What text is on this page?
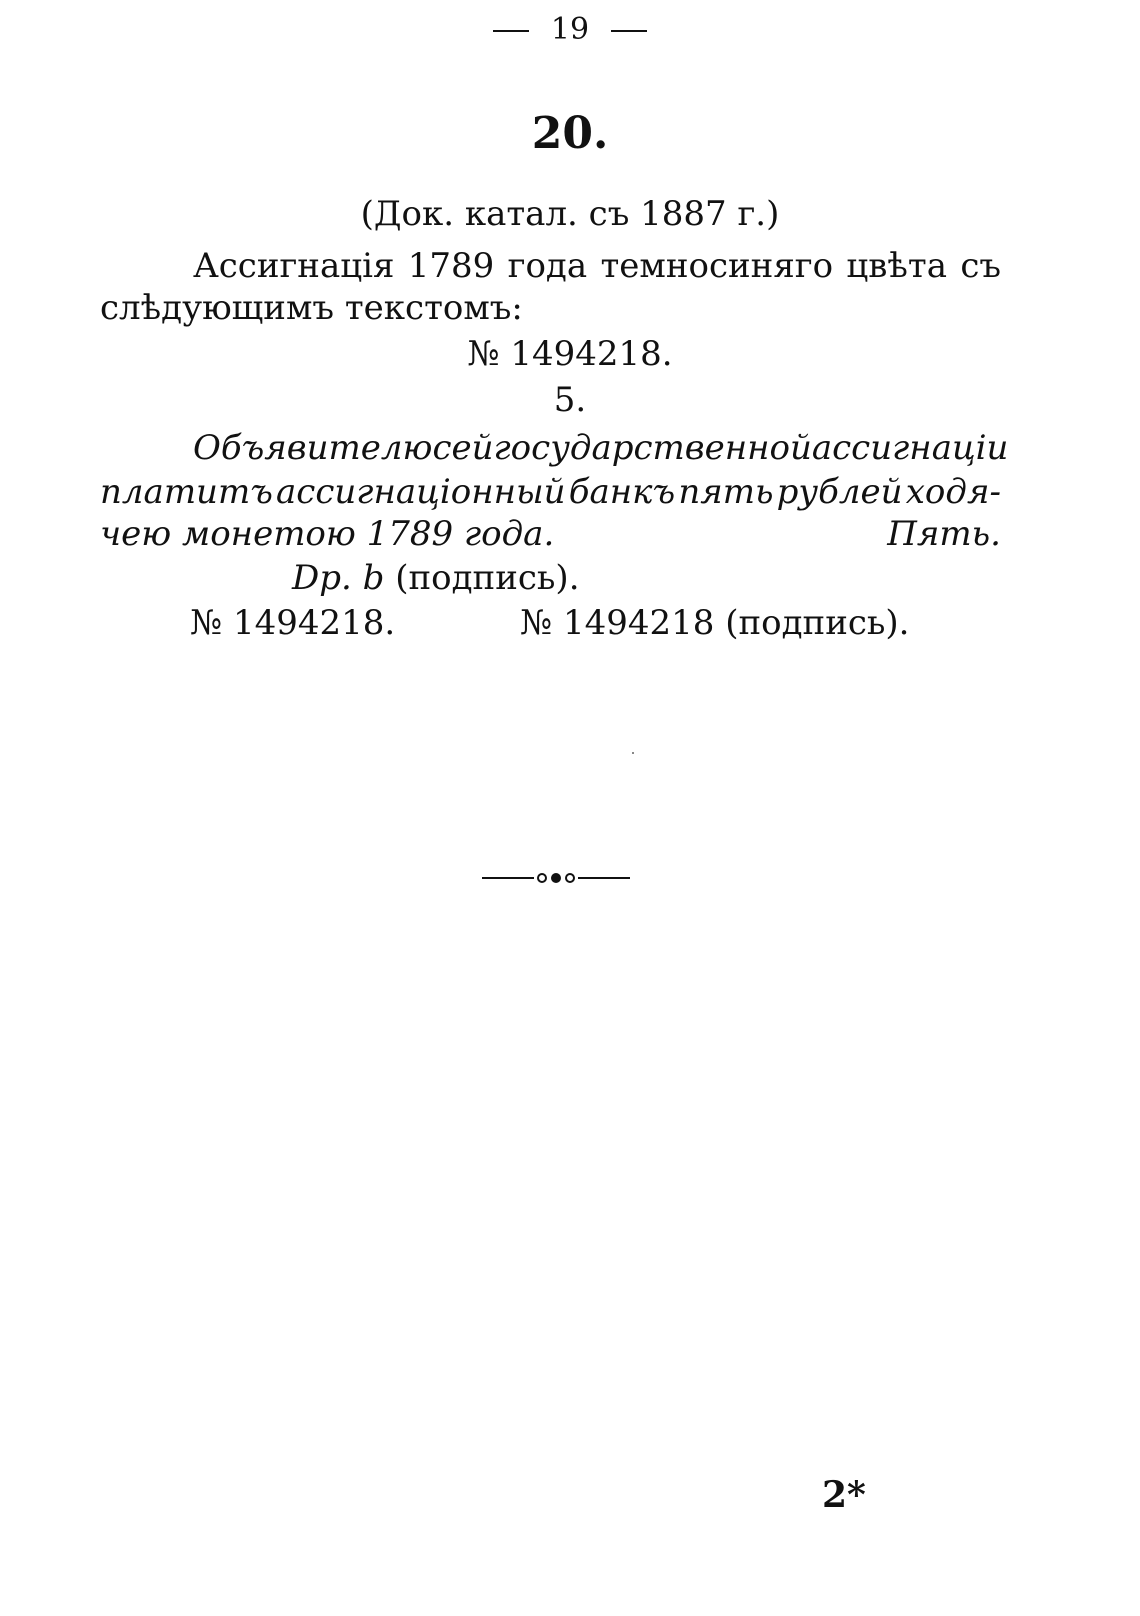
19
20.
(Док. катал. съ 1887 г.)
Ассигнація 1789 года темносиняго цвѣта съ
слѣдующимъ текстомъ:
№ 1494218.
5.
Объявителю сей государственной ассигнаціи
платитъ ассигнаціонный банкъ пять рублей ходя-
чею монетою 1789 года.	Пять.
Dp. b (подпись).
№ 1494218.	№ 1494218 (подпись).
2*
